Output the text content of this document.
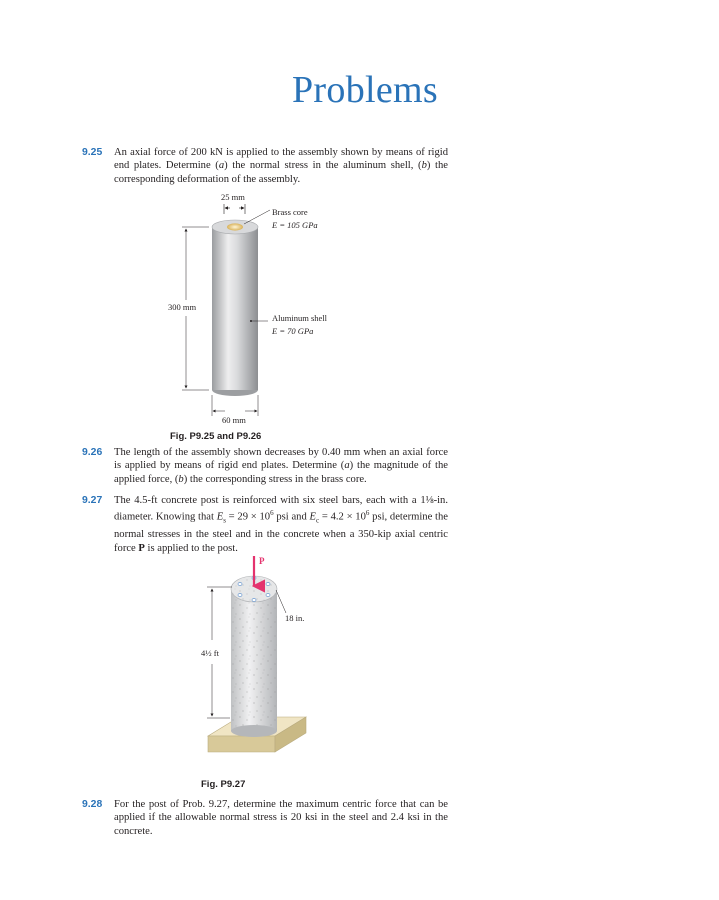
Problems
9.25 An axial force of 200 kN is applied to the assembly shown by means of rigid end plates. Determine (a) the normal stress in the aluminum shell, (b) the corresponding deformation of the assembly.
9.26 The length of the assembly shown decreases by 0.40 mm when an axial force is applied by means of rigid end plates. Determine (a) the magnitude of the applied force, (b) the corresponding stress in the brass core.
9.27 The 4.5-ft concrete post is reinforced with six steel bars, each with a 1⅛-in. diameter. Knowing that $E_s = 29 \times 10^6$ psi and $E_c = 4.2 \times 10^6$ psi, determine the normal stresses in the steel and in the concrete when a 350-kip axial centric force P is applied to the post.
9.28 For the post of Prob. 9.27, determine the maximum centric force that can be applied if the allowable normal stress is 20 ksi in the steel and 2.4 ksi in the concrete.
25 mm
Brass core
E = 105 GPa
300 mm
Aluminum shell
E = 70 GPa
60 mm
P
18 in.
4½ ft
Fig. P9.25 and P9.26
Fig. P9.27
